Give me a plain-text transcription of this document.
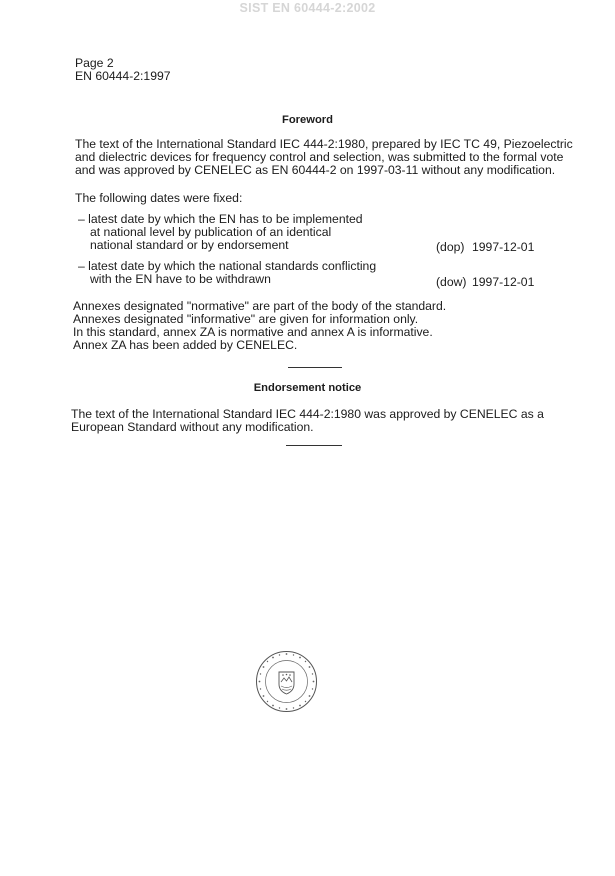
SIST EN 60444-2:2002
Page 2
EN 60444-2:1997
Foreword
The text of the International Standard IEC 444-2:1980, prepared by IEC TC 49, Piezoelectric
and dielectric devices for frequency control and selection, was submitted to the formal vote
and was approved by CENELEC as EN 60444-2 on 1997-03-11 without any modification.
The following dates were fixed:
– latest date by which the EN has to be implemented
at national level by publication of an identical
national standard or by endorsement	(dop) 1997-12-01
– latest date by which the national standards conflicting
with the EN have to be withdrawn	(dow) 1997-12-01
Annexes designated "normative" are part of the body of the standard.
Annexes designated "informative" are given for information only.
In this standard, annex ZA is normative and annex A is informative.
Annex ZA has been added by CENELEC.
Endorsement notice
The text of the International Standard IEC 444-2:1980 was approved by CENELEC as a
European Standard without any modification.
